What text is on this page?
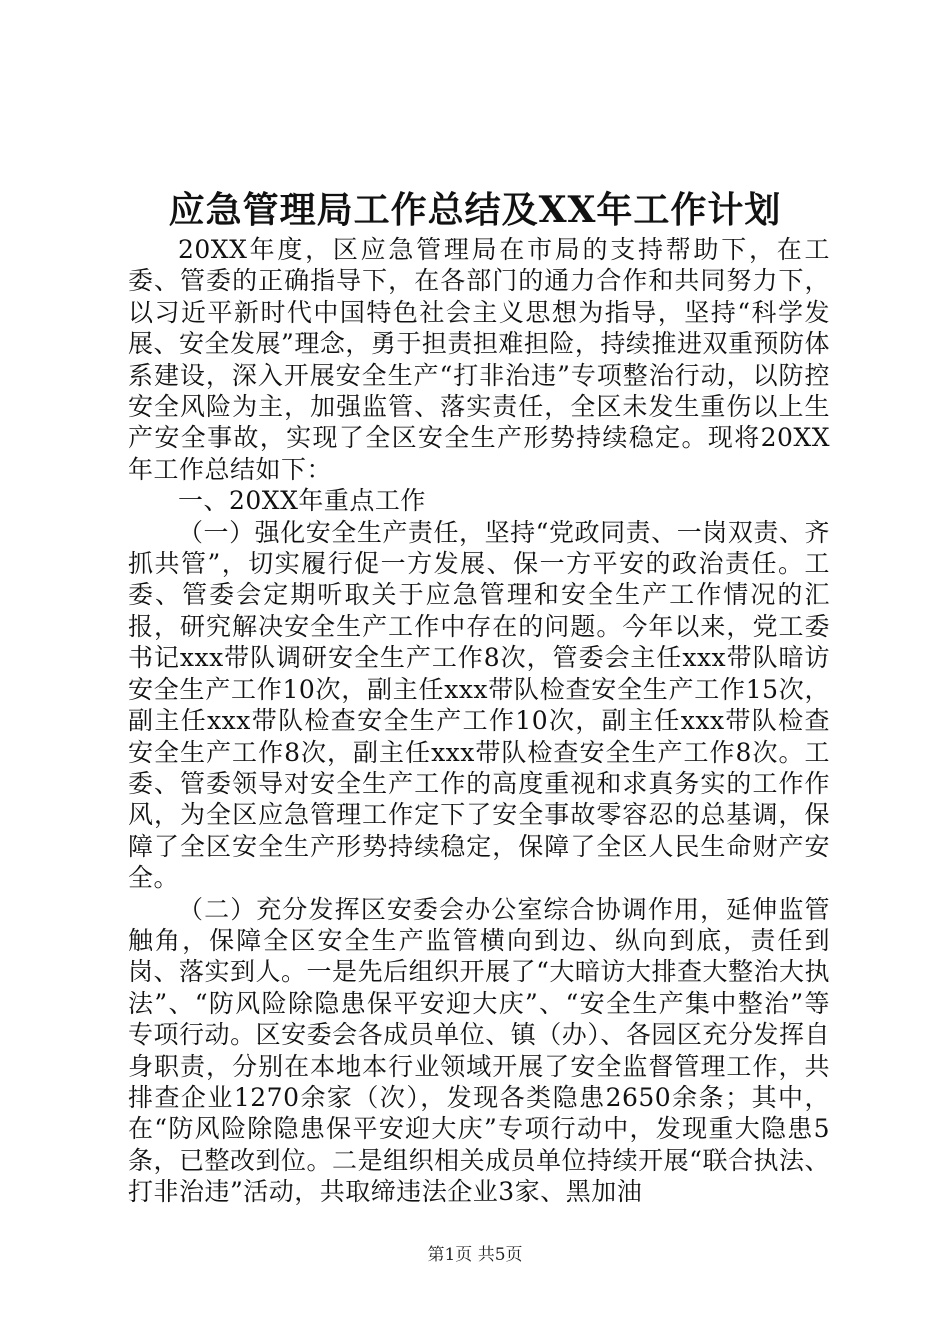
应急管理局工作总结及XX年工作计划

20XX年度，区应急管理局在市局的支持帮助下，在工委、管委的正确指导下，在各部门的通力合作和共同努力下，以习近平新时代中国特色社会主义思想为指导，坚持“科学发展、安全发展”理念，勇于担责担难担险，持续推进双重预防体系建设，深入开展安全生产“打非治违”专项整治行动，以防控安全风险为主，加强监管、落实责任，全区未发生重伤以上生产安全事故，实现了全区安全生产形势持续稳定。现将20XX年工作总结如下：

一、20XX年重点工作

（一）强化安全生产责任，坚持“党政同责、一岗双责、齐抓共管”，切实履行促一方发展、保一方平安的政治责任。工委、管委会定期听取关于应急管理和安全生产工作情况的汇报，研究解决安全生产工作中存在的问题。今年以来，党工委书记xxx带队调研安全生产工作8次，管委会主任xxx带队暗访安全生产工作10次，副主任xxx带队检查安全生产工作15次，副主任xxx带队检查安全生产工作10次，副主任xxx带队检查安全生产工作8次，副主任xxx带队检查安全生产工作8次。工委、管委领导对安全生产工作的高度重视和求真务实的工作作风，为全区应急管理工作定下了安全事故零容忍的总基调，保障了全区安全生产形势持续稳定，保障了全区人民生命财产安全。

（二）充分发挥区安委会办公室综合协调作用，延伸监管触角，保障全区安全生产监管横向到边、纵向到底，责任到岗、落实到人。一是先后组织开展了“大暗访大排查大整治大执法”、“防风险除隐患保平安迎大庆”、“安全生产集中整治”等专项行动。区安委会各成员单位、镇（办）、各园区充分发挥自身职责，分别在本地本行业领域开展了安全监督管理工作，共排查企业1270余家（次），发现各类隐患2650余条；其中，在“防风险除隐患保平安迎大庆”专项行动中，发现重大隐患5条，已整改到位。二是组织相关成员单位持续开展“联合执法、打非治违”活动，共取缔违法企业3家、黑加油

第1页 共5页
